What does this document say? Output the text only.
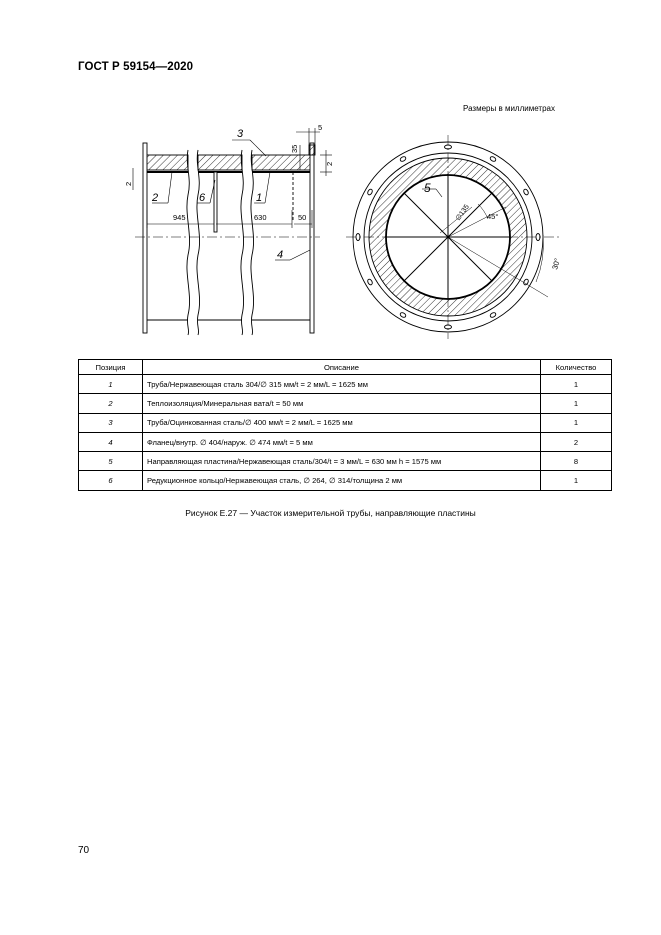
ГОСТ Р 59154—2020
Размеры в миллиметрах
3
2	6	1
4
945	630	50
35
5
2
2	5
∅135 45°
30°
Позиция	Описание	Количество
1	Труба/Нержавеющая сталь 304/∅ 315 мм/t = 2 мм/L = 1625 мм	1
2	Теплоизоляция/Минеральная вата/t = 50 мм	1
3	Труба/Оцинкованная сталь/∅ 400 мм/t = 2 мм/L = 1625 мм	1
4	Фланец/внутр. ∅ 404/наруж. ∅ 474 мм/t = 5 мм	2
5	Направляющая пластина/Нержавеющая сталь/304/t = 3 мм/L = 630 мм h = 1575 мм	8
6	Редукционное кольцо/Нержавеющая сталь, ∅ 264, ∅ 314/толщина 2 мм	1
Рисунок Е.27 — Участок измерительной трубы, направляющие пластины
70
